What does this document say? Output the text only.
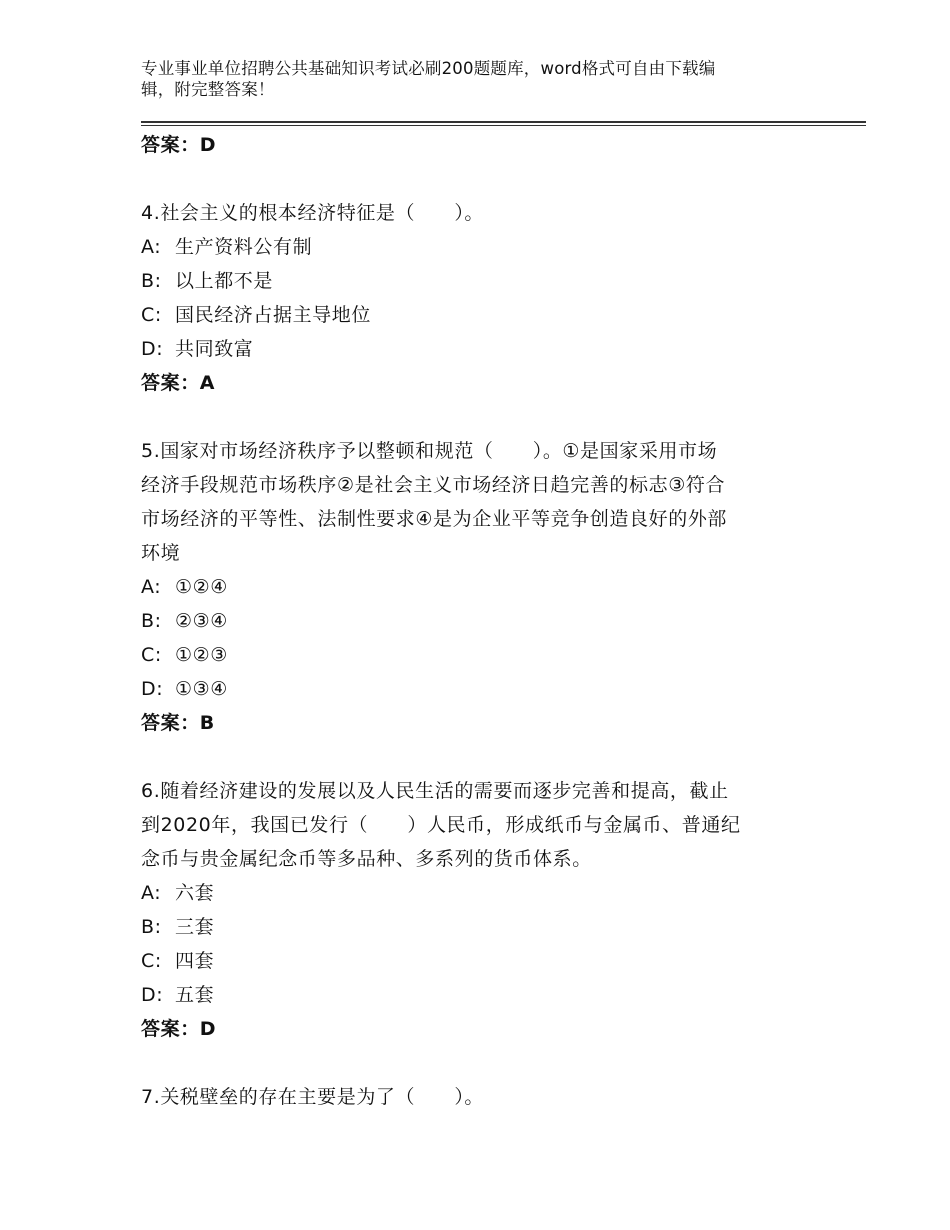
专业事业单位招聘公共基础知识考试必刷200题题库，word格式可自由下载编
辑，附完整答案！
答案：D
4.社会主义的根本经济特征是（　　）。
A: 生产资料公有制
B: 以上都不是
C: 国民经济占据主导地位
D: 共同致富
答案：A
5.国家对市场经济秩序予以整顿和规范（　　）。①是国家采用市场
经济手段规范市场秩序②是社会主义市场经济日趋完善的标志③符合
市场经济的平等性、法制性要求④是为企业平等竞争创造良好的外部
环境
A: ①②④
B: ②③④
C: ①②③
D: ①③④
答案：B
6.随着经济建设的发展以及人民生活的需要而逐步完善和提高，截止
到2020年，我国已发行（　　）人民币，形成纸币与金属币、普通纪
念币与贵金属纪念币等多品种、多系列的货币体系。
A: 六套
B: 三套
C: 四套
D: 五套
答案：D
7.关税壁垒的存在主要是为了（　　）。
